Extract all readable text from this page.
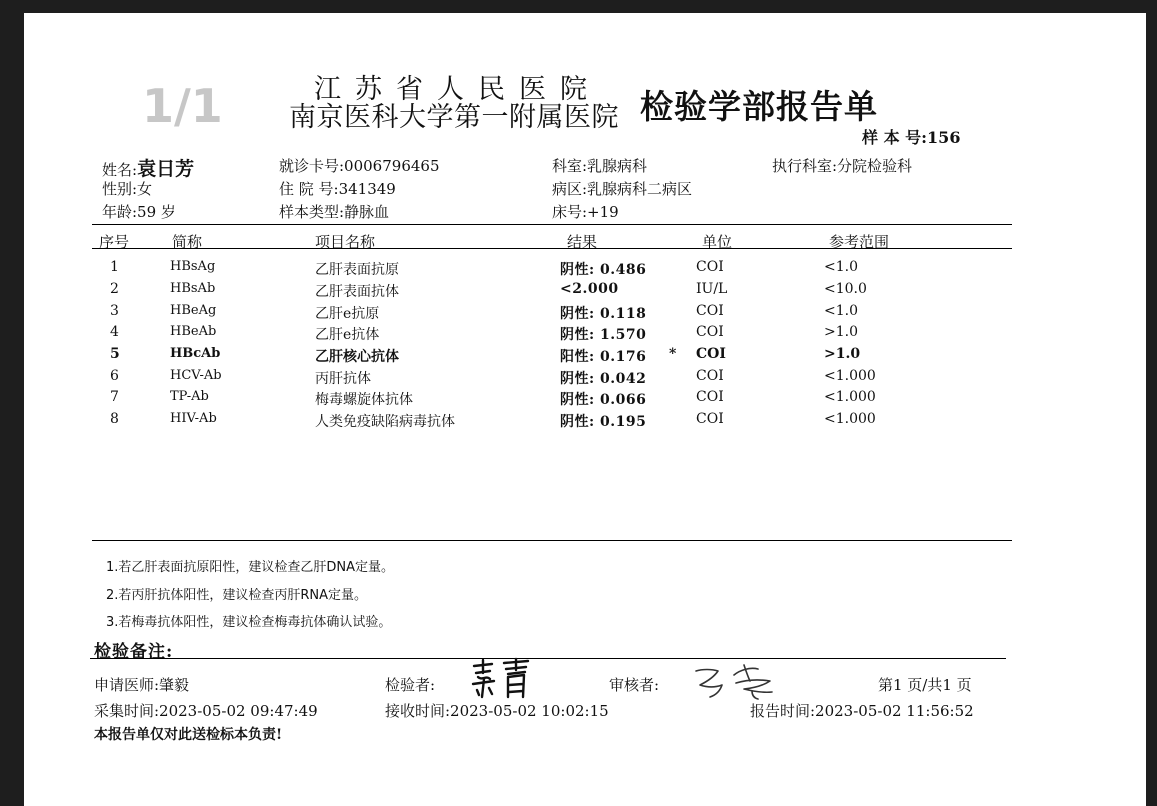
1/1	江苏省人民医院
南京医科大学第一附属医院 检验学部报告单
样 本 号:156
姓名:袁日芳
性别:女
年龄:59 岁
就诊卡号:0006796465
住 院 号:341349
样本类型:静脉血
科室:乳腺病科
病区:乳腺病科二病区
床号:+19
执行科室:分院检验科
序号	简称	项目名称	结果	单位	参考范围
1	HBsAg	乙肝表面抗原	阴性: 0.486	COI	<1.0
2	HBsAb	乙肝表面抗体	<2.000	IU/L	<10.0
3	HBeAg	乙肝e抗原	阴性: 0.118	COI	<1.0
4	HBeAb	乙肝e抗体	阴性: 1.570	COI	>1.0
5	HBcAb	乙肝核心抗体	阳性: 0.176 * COI	>1.0
6	HCV-Ab	丙肝抗体	阴性: 0.042	COI	<1.000
7	TP-Ab	梅毒螺旋体抗体	阴性: 0.066	COI	<1.000
8	HIV-Ab	人类免疫缺陷病毒抗体	阴性: 0.195	COI	<1.000
1.若乙肝表面抗原阳性，建议检查乙肝DNA定量。
2.若丙肝抗体阳性，建议检查丙肝RNA定量。
3.若梅毒抗体阳性，建议检查梅毒抗体确认试验。
检验备注:
申请医师:肇毅	检验者:	审核者:	第1 页/共1 页
采集时间:2023-05-02 09:47:49	接收时间:2023-05-02 10:02:15	报告时间:2023-05-02 11:56:52
本报告单仅对此送检标本负责!
